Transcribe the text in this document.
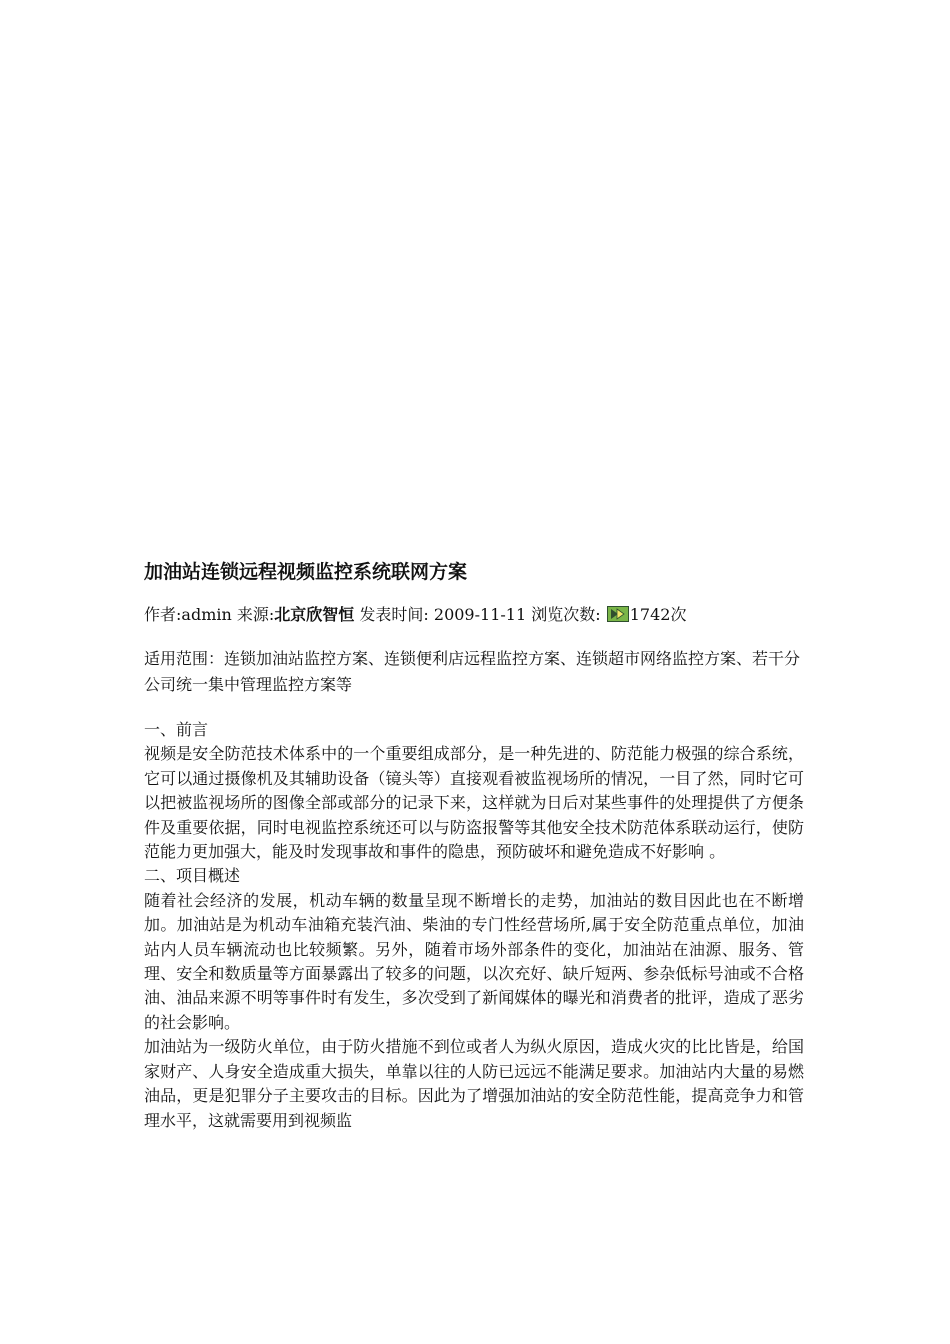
加油站连锁远程视频监控系统联网方案
作者:admin 来源:北京欣智恒 发表时间: 2009-11-11 浏览次数: 1742次
适用范围：连锁加油站监控方案、连锁便利店远程监控方案、连锁超市网络监控方案、若干分公司统一集中管理监控方案等
一、前言

视频是安全防范技术体系中的一个重要组成部分，是一种先进的、防范能力极强的综合系统，它可以通过摄像机及其辅助设备（镜头等）直接观看被监视场所的情况，一目了然，同时它可以把被监视场所的图像全部或部分的记录下来，这样就为日后对某些事件的处理提供了方便条件及重要依据，同时电视监控系统还可以与防盗报警等其他安全技术防范体系联动运行，使防范能力更加强大，能及时发现事故和事件的隐患，预防破坏和避免造成不好影响 。

二、项目概述

随着社会经济的发展，机动车辆的数量呈现不断增长的走势，加油站的数目因此也在不断增加。加油站是为机动车油箱充装汽油、柴油的专门性经营场所,属于安全防范重点单位，加油站内人员车辆流动也比较频繁。另外，随着市场外部条件的变化，加油站在油源、服务、管理、安全和数质量等方面暴露出了较多的问题，以次充好、缺斤短两、参杂低标号油或不合格油、油品来源不明等事件时有发生，多次受到了新闻媒体的曝光和消费者的批评，造成了恶劣的社会影响。

加油站为一级防火单位，由于防火措施不到位或者人为纵火原因，造成火灾的比比皆是，给国家财产、人身安全造成重大损失，单靠以往的人防已远远不能满足要求。加油站内大量的易燃油品，更是犯罪分子主要攻击的目标。因此为了增强加油站的安全防范性能，提高竞争力和管理水平，这就需要用到视频监
